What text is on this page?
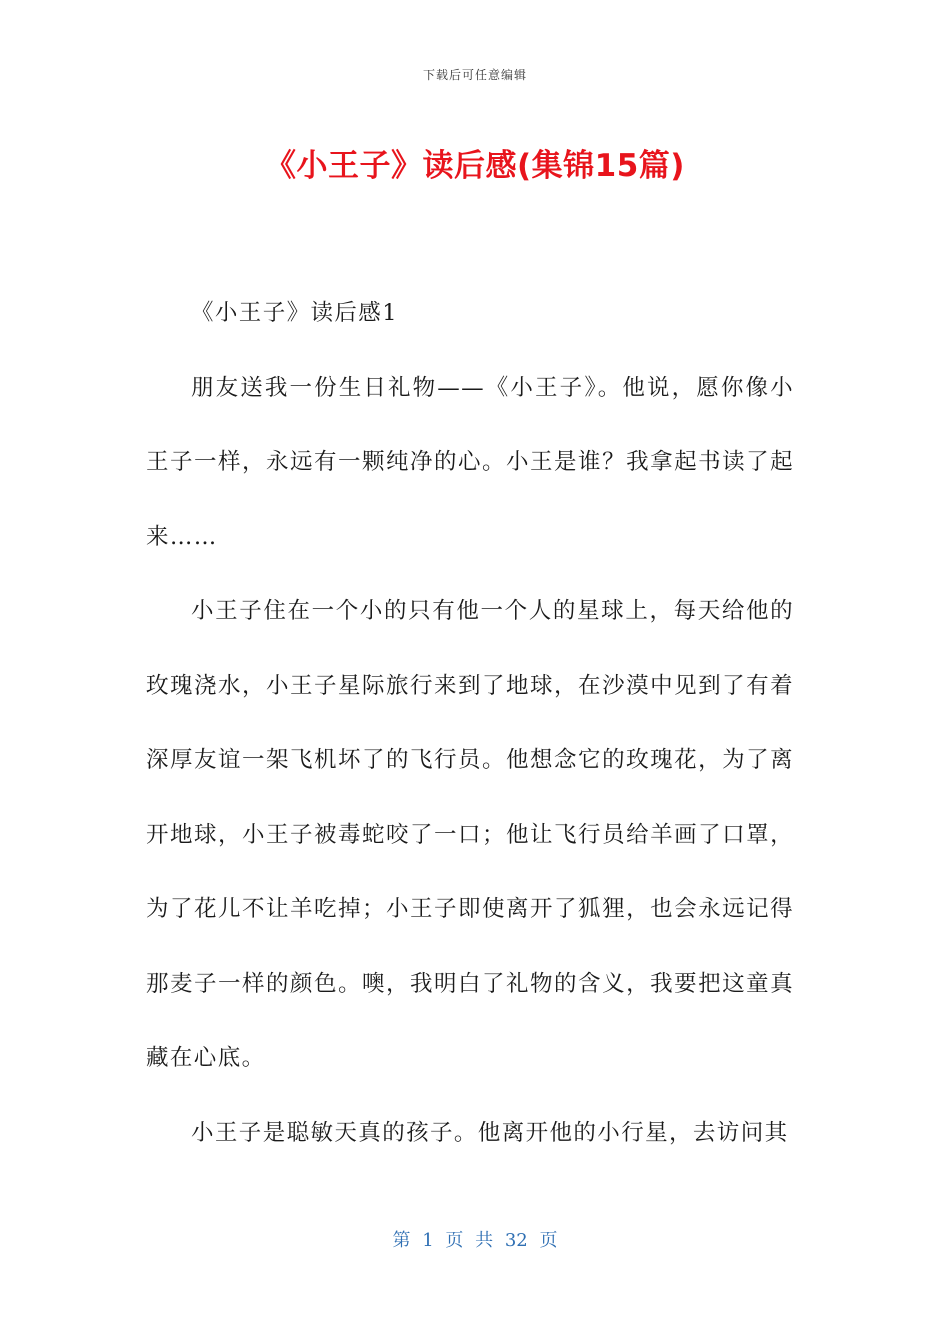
下载后可任意编辑
《小王子》读后感(集锦15篇)

《小王子》读后感1

朋友送我一份生日礼物——《小王子》。他说，愿你像小王子一样，永远有一颗纯净的心。小王是谁？我拿起书读了起来……

小王子住在一个小的只有他一个人的星球上，每天给他的玫瑰浇水，小王子星际旅行来到了地球，在沙漠中见到了有着深厚友谊一架飞机坏了的飞行员。他想念它的玫瑰花，为了离开地球，小王子被毒蛇咬了一口；他让飞行员给羊画了口罩，为了花儿不让羊吃掉；小王子即使离开了狐狸，也会永远记得那麦子一样的颜色。噢，我明白了礼物的含义，我要把这童真藏在心底。

小王子是聪敏天真的孩子。他离开他的小行星，去访问其

第 1 页 共 32 页
